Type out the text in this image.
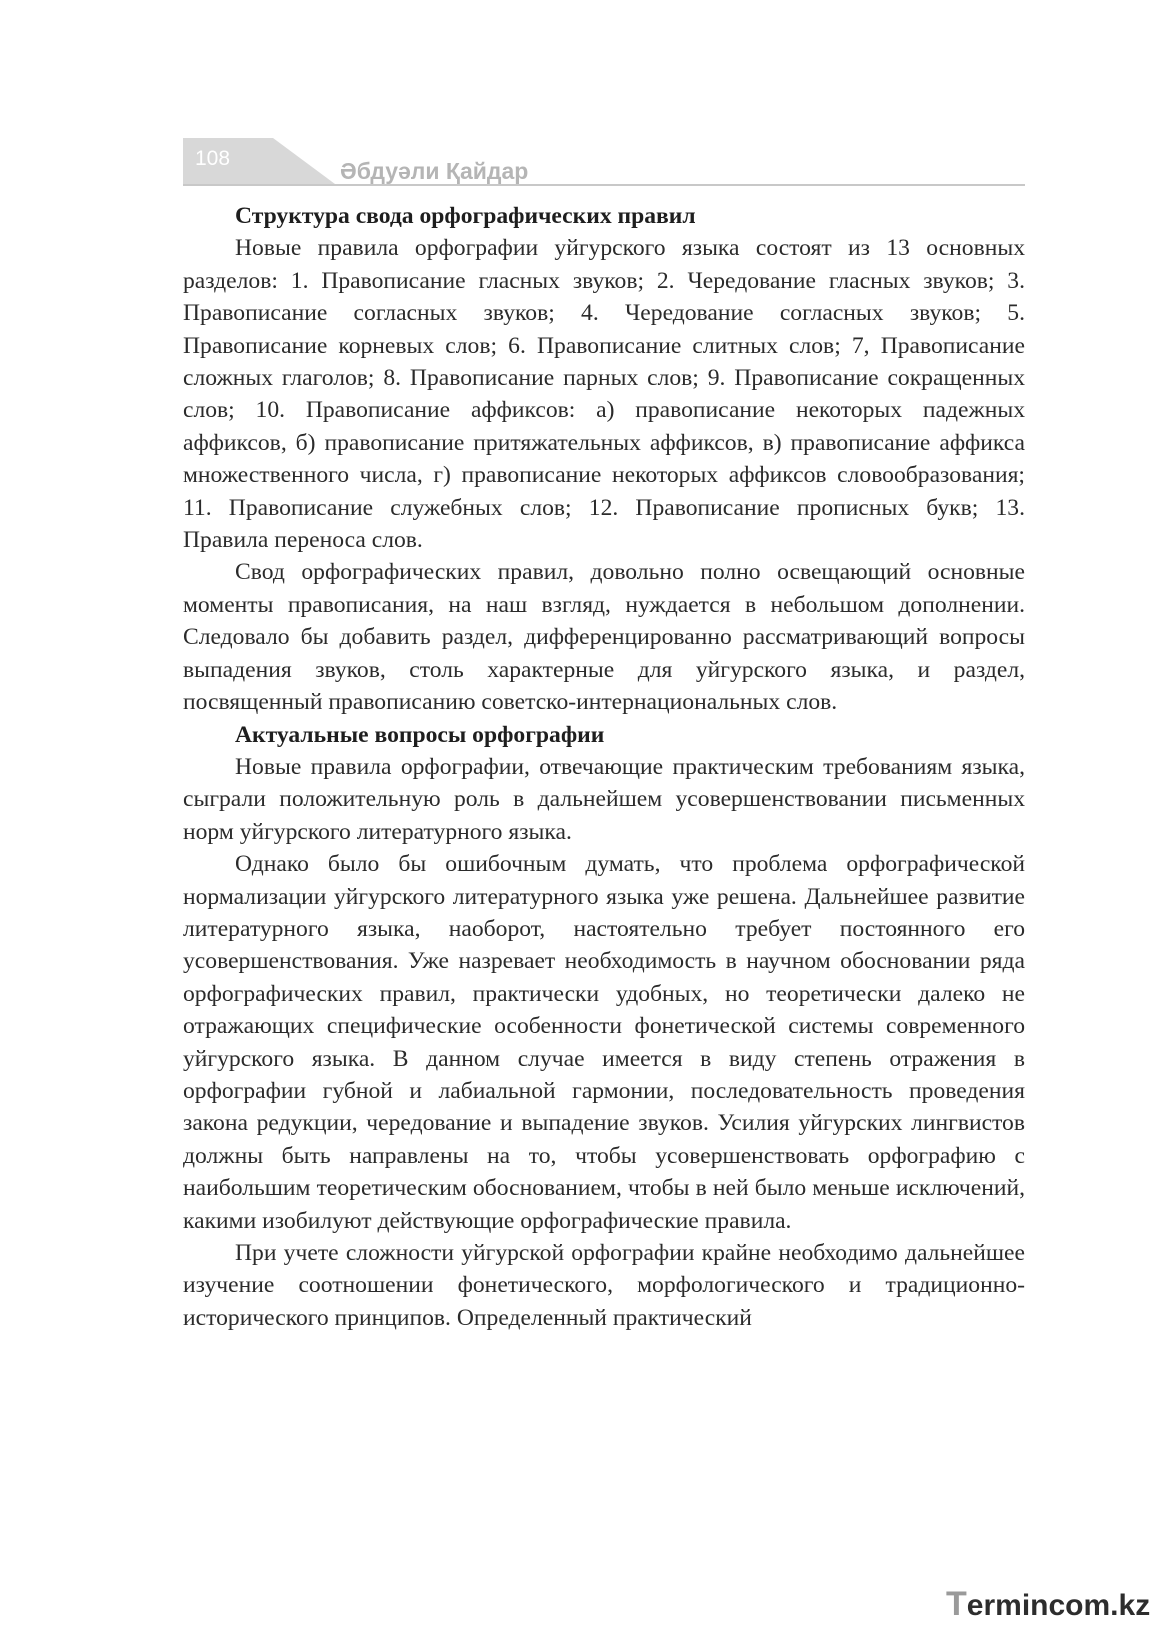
108	Әбдуәли Қайдар
Структура свода орфографических правил

Новые правила орфографии уйгурского языка состоят из 13 основных разделов: 1. Правописание гласных звуков; 2. Чередование гласных звуков; 3. Правописание согласных звуков; 4. Чередование согласных звуков; 5. Правописание корневых слов; 6. Правописание слитных слов; 7, Правописание сложных глаголов; 8. Правописание парных слов; 9. Правописание сокращенных слов; 10. Правописание аффиксов: а) правописание некоторых падежных аффиксов, б) правописание притяжательных аффиксов, в) правописание аффикса множественного числа, г) правописание некоторых аффиксов словообразования; 11. Правописание служебных слов; 12. Правописание прописных букв; 13. Правила переноса слов.

Свод орфографических правил, довольно полно освещающий основные моменты правописания, на наш взгляд, нуждается в небольшом дополнении. Следовало бы добавить раздел, дифференцированно рассматривающий вопросы выпадения звуков, столь характерные для уйгурского языка, и раздел, посвященный правописанию советско-интернациональных слов.

Актуальные вопросы орфографии

Новые правила орфографии, отвечающие практическим требованиям языка, сыграли положительную роль в дальнейшем усовершенствовании письменных норм уйгурского литературного языка.

Однако было бы ошибочным думать, что проблема орфографической нормализации уйгурского литературного языка уже решена. Дальнейшее развитие литературного языка, наоборот, настоятельно требует постоянного его усовершенствования. Уже назревает необходимость в научном обосновании ряда орфографических правил, практически удобных, но теоретически далеко не отражающих специфические особенности фонетической системы современного уйгурского языка. В данном случае имеется в виду степень отражения в орфографии губной и лабиальной гармонии, последовательность проведения закона редукции, чередование и выпадение звуков. Усилия уйгурских лингвистов должны быть направлены на то, чтобы усовершенствовать орфографию с наибольшим теоретическим обоснованием, чтобы в ней было меньше исключений, какими изобилуют действующие орфографические правила.

При учете сложности уйгурской орфографии крайне необходимо дальнейшее изучение соотношении фонетического, морфологического и традиционно-исторического принципов. Определенный практический

Termincom.kz
